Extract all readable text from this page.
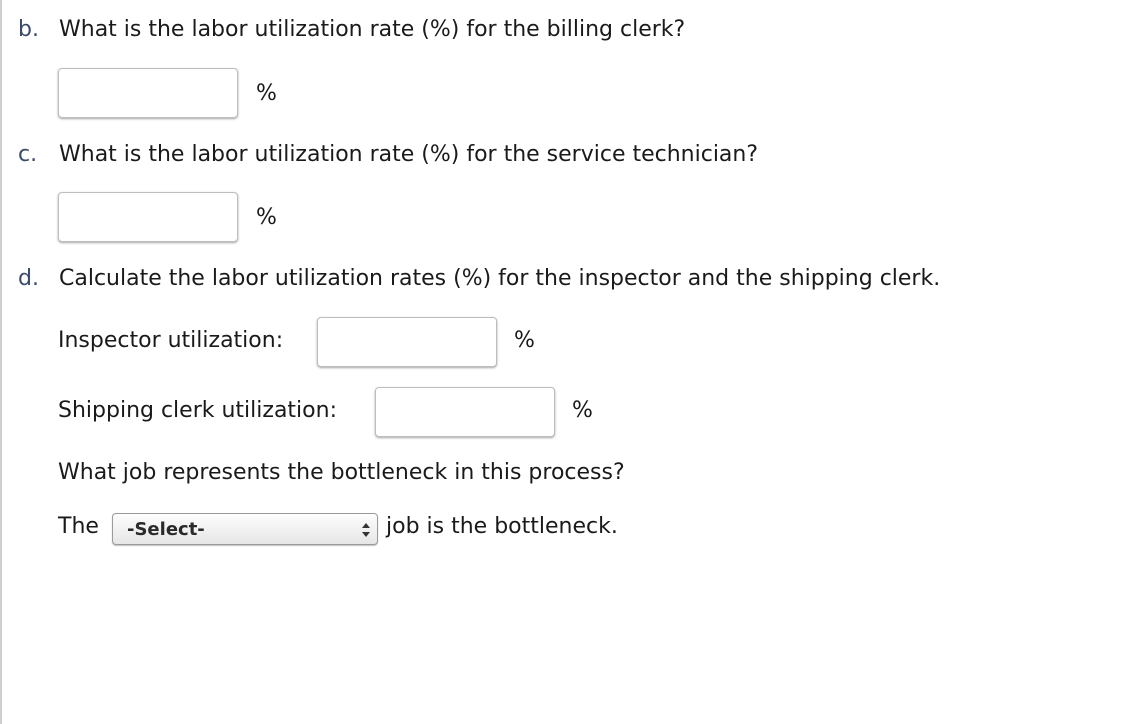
b. What is the labor utilization rate (%) for the billing clerk?
%
c. What is the labor utilization rate (%) for the service technician?
%
d. Calculate the labor utilization rates (%) for the inspector and the shipping clerk.
Inspector utilization:	%
Shipping clerk utilization:	%
What job represents the bottleneck in this process?
The -Select-	job is the bottleneck.
